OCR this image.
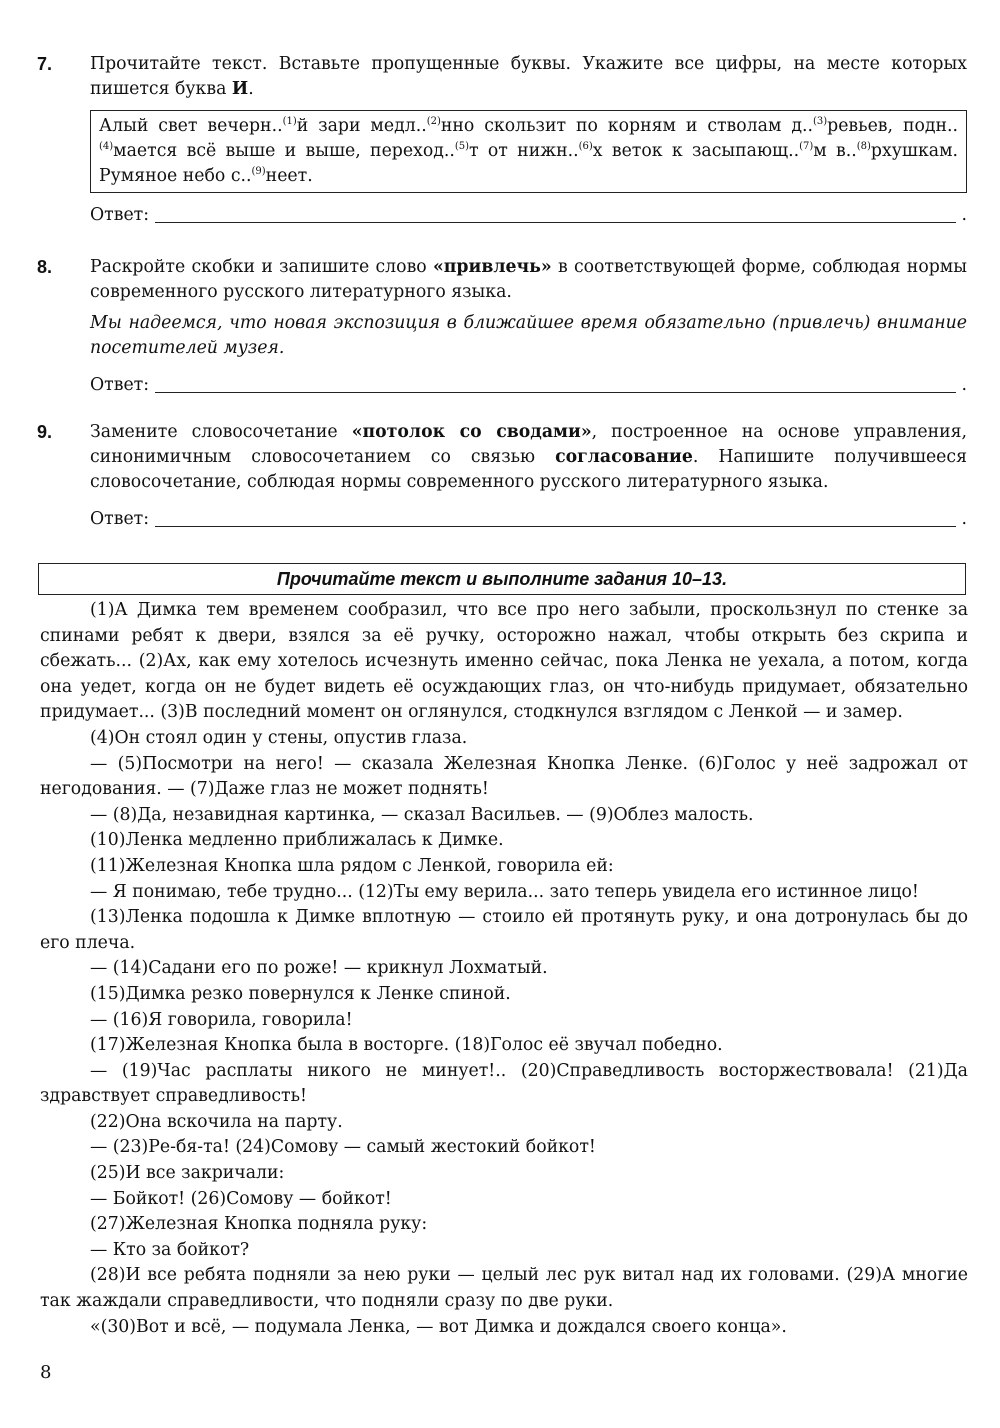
7. Прочитайте текст. Вставьте пропущенные буквы. Укажите все цифры, на месте которых пишется буква И.
Алый свет вечерн..$^{(1)}$й зари медл..$^{(2)}$нно скользит по корням и стволам д..$^{(3)}$ревьев, подн..$^{(4)}$мается всё выше и выше, переход..$^{(5)}$т от нижн..$^{(6)}$х веток к засыпающ..$^{(7)}$м в..$^{(8)}$рхушкам. Румяное небо с..$^{(9)}$неет.
Ответ:	.
8. Раскройте скобки и запишите слово «привлечь» в соответствующей форме, соблюдая нормы современного русского литературного языка.
Мы надеемся, что новая экспозиция в ближайшее время обязательно (привлечь) внимание посетителей музея.
Ответ:	.
9. Замените словосочетание «потолок со сводами», построенное на основе управления, синонимичным словосочетанием со связью согласование. Напишите получившееся словосочетание, соблюдая нормы современного русского литературного языка.
Ответ:	.
Прочитайте текст и выполните задания 10–13.

(1)А Димка тем временем сообразил, что все про него забыли, проскользнул по стенке за спинами ребят к двери, взялся за её ручку, осторожно нажал, чтобы открыть без скрипа и сбежать... (2)Ах, как ему хотелось исчезнуть именно сейчас, пока Ленка не уехала, а потом, когда она уедет, когда он не будет видеть её осуждающих глаз, он что-нибудь придумает, обязательно придумает... (3)В последний момент он оглянулся, стодкнулся взглядом с Ленкой — и замер.

(4)Он стоял один у стены, опустив глаза.

— (5)Посмотри на него! — сказала Железная Кнопка Ленке. (6)Голос у неё задрожал от негодования. — (7)Даже глаз не может поднять!

— (8)Да, незавидная картинка, — сказал Васильев. — (9)Облез малость.

(10)Ленка медленно приближалась к Димке.

(11)Железная Кнопка шла рядом с Ленкой, говорила ей:

— Я понимаю, тебе трудно... (12)Ты ему верила... зато теперь увидела его истинное лицо!

(13)Ленка подошла к Димке вплотную — стоило ей протянуть руку, и она дотронулась бы до его плеча.

— (14)Садани его по роже! — крикнул Лохматый.

(15)Димка резко повернулся к Ленке спиной.

— (16)Я говорила, говорила!

(17)Железная Кнопка была в восторге. (18)Голос её звучал победно.

— (19)Час расплаты никого не минует!.. (20)Справедливость восторжествовала! (21)Да здравствует справедливость!

(22)Она вскочила на парту.

— (23)Ре-бя-та! (24)Сомову — самый жестокий бойкот!

(25)И все закричали:

— Бойкот! (26)Сомову — бойкот!

(27)Железная Кнопка подняла руку:

— Кто за бойкот?

(28)И все ребята подняли за нею руки — целый лес рук витал над их головами. (29)А многие так жаждали справедливости, что подняли сразу по две руки.

«(30)Вот и всё, — подумала Ленка, — вот Димка и дождался своего конца».

8
